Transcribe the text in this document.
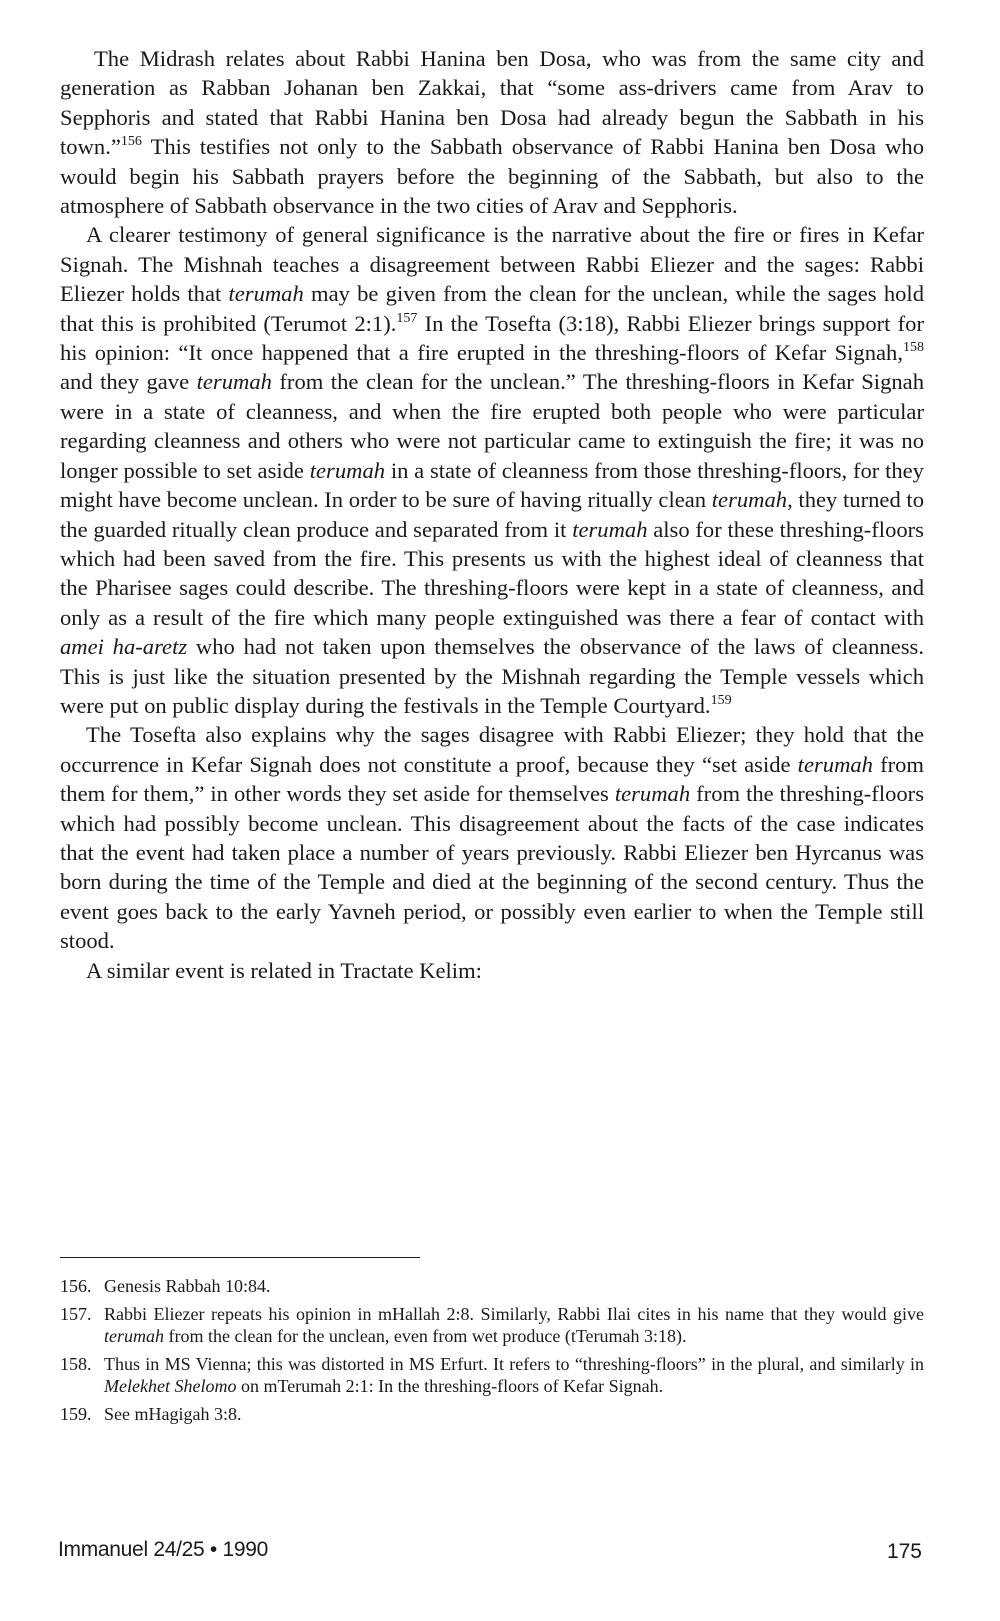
The Midrash relates about Rabbi Hanina ben Dosa, who was from the same city and generation as Rabban Johanan ben Zakkai, that “some ass-drivers came from Arav to Sepphoris and stated that Rabbi Hanina ben Dosa had already begun the Sabbath in his town.”$^{156}$ This testifies not only to the Sabbath observance of Rabbi Hanina ben Dosa who would begin his Sabbath prayers before the beginning of the Sabbath, but also to the atmosphere of Sabbath observance in the two cities of Arav and Sepphoris.

A clearer testimony of general significance is the narrative about the fire or fires in Kefar Signah. The Mishnah teaches a disagreement between Rabbi Eliezer and the sages: Rabbi Eliezer holds that terumah may be given from the clean for the unclean, while the sages hold that this is prohibited (Terumot 2:1).$^{157}$ In the Tosefta (3:18), Rabbi Eliezer brings support for his opinion: “It once happened that a fire erupted in the threshing-floors of Kefar Signah,$^{158}$ and they gave terumah from the clean for the unclean.” The threshing-floors in Kefar Signah were in a state of cleanness, and when the fire erupted both people who were particular regarding cleanness and others who were not particular came to extinguish the fire; it was no longer possible to set aside terumah in a state of cleanness from those threshing-floors, for they might have become unclean. In order to be sure of having ritually clean terumah, they turned to the guarded ritually clean produce and separated from it terumah also for these threshing-floors which had been saved from the fire. This presents us with the highest ideal of cleanness that the Pharisee sages could describe. The threshing-floors were kept in a state of cleanness, and only as a result of the fire which many people extinguished was there a fear of contact with amei ha-aretz who had not taken upon themselves the observance of the laws of cleanness. This is just like the situation presented by the Mishnah regarding the Temple vessels which were put on public display during the festivals in the Temple Courtyard.$^{159}$

The Tosefta also explains why the sages disagree with Rabbi Eliezer; they hold that the occurrence in Kefar Signah does not constitute a proof, because they “set aside terumah from them for them,” in other words they set aside for themselves terumah from the threshing-floors which had possibly become unclean. This disagreement about the facts of the case indicates that the event had taken place a number of years previously. Rabbi Eliezer ben Hyrcanus was born during the time of the Temple and died at the beginning of the second century. Thus the event goes back to the early Yavneh period, or possibly even earlier to when the Temple still stood.

A similar event is related in Tractate Kelim:

156. Genesis Rabbah 10:84.
157. Rabbi Eliezer repeats his opinion in mHallah 2:8. Similarly, Rabbi Ilai cites in his name that they would give terumah from the clean for the unclean, even from wet produce (tTerumah 3:18).
158. Thus in MS Vienna; this was distorted in MS Erfurt. It refers to “threshing-floors” in the plural, and similarly in Melekhet Shelomo on mTerumah 2:1: In the threshing-floors of Kefar Signah.
159. See mHagigah 3:8.
Immanuel 24/25 • 1990	175
